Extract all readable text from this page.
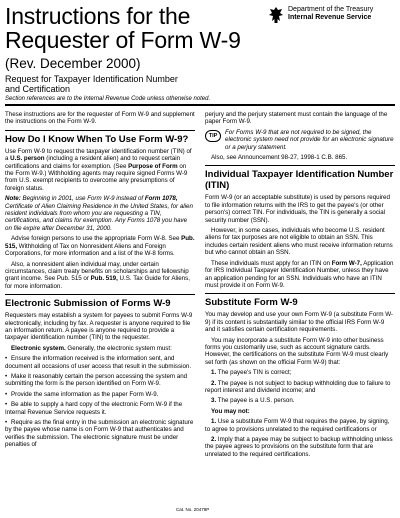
Instructions for the
Requester of Form W-9
(Rev. December 2000)
Request for Taxpayer Identification Number
and Certification
Section references are to the Internal Revenue Code unless otherwise noted.
Department of the Treasury
Internal Revenue Service

These instructions are for the requester of Form W-9 and supplement the instructions on the Form W-9.

How Do I Know When To Use Form W-9?

Use Form W-9 to request the taxpayer identification number (TIN) of a U.S. person (including a resident alien) and to request certain certifications and claims for exemption. (See Purpose of Form on the Form W-9.) Withholding agents may require signed Forms W-9 from U.S. exempt recipients to overcome any presumptions of foreign status.

Note: Beginning in 2001, use Form W-9 instead of Form 1078, Certificate of Alien Claiming Residence in the United States, for alien resident individuals from whom you are requesting a TIN, certifications, and claims for exemption. Any Forms 1078 you have on file expire after December 31, 2000.

Advise foreign persons to use the appropriate Form W-8. See Pub. 515, Withholding of Tax on Nonresident Aliens and Foreign Corporations, for more information and a list of the W-8 forms.

Also, a nonresident alien individual may, under certain circumstances, claim treaty benefits on scholarships and fellowship grant income. See Pub. 515 or Pub. 519, U.S. Tax Guide for Aliens, for more information.

Electronic Submission of Forms W-9

Requesters may establish a system for payees to submit Forms W-9 electronically, including by fax. A requester is anyone required to file an information return. A payee is anyone required to provide a taxpayer identification number (TIN) to the requester.

Electronic system. Generally, the electronic system must:

• Ensure the information received is the information sent, and document all occasions of user access that result in the submission.
• Make it reasonably certain the person accessing the system and submitting the form is the person identified on Form W-9.
• Provide the same information as the paper Form W-9.
• Be able to supply a hard copy of the electronic Form W-9 if the Internal Revenue Service requests it.
• Require as the final entry in the submission an electronic signature by the payee whose name is on Form W-9 that authenticates and verifies the submission. The electronic signature must be under penalties of

perjury and the perjury statement must contain the language of the paper Form W-9.

TIP	For Forms W-9 that are not required to be signed, the electronic system need not provide for an electronic signature or a perjury statement.

Also, see Announcement 98-27, 1998-1 C.B. 865.

Individual Taxpayer Identification Number (ITIN)

Form W-9 (or an acceptable substitute) is used by persons required to file information returns with the IRS to get the payee's (or other person's) correct TIN. For individuals, the TIN is generally a social security number (SSN).

However, in some cases, individuals who become U.S. resident aliens for tax purposes are not eligible to obtain an SSN. This includes certain resident aliens who must receive information returns but who cannot obtain an SSN.

These individuals must apply for an ITIN on Form W-7, Application for IRS Individual Taxpayer Identification Number, unless they have an application pending for an SSN. Individuals who have an ITIN must provide it on Form W-9.

Substitute Form W-9

You may develop and use your own Form W-9 (a substitute Form W-9) if its content is substantially similar to the official IRS Form W-9 and it satisfies certain certification requirements.

You may incorporate a substitute Form W-9 into other business forms you customarily use, such as account signature cards. However, the certifications on the substitute Form W-9 must clearly set forth (as shown on the official Form W-9) that:

1. The payee's TIN is correct;

2. The payee is not subject to backup withholding due to failure to report interest and dividend income; and

3. The payee is a U.S. person.

You may not:

1. Use a substitute Form W-9 that requires the payee, by signing, to agree to provisions unrelated to the required certifications or

2. Imply that a payee may be subject to backup withholding unless the payee agrees to provisions on the substitute form that are unrelated to the required certifications.

Cat. No. 20479P
